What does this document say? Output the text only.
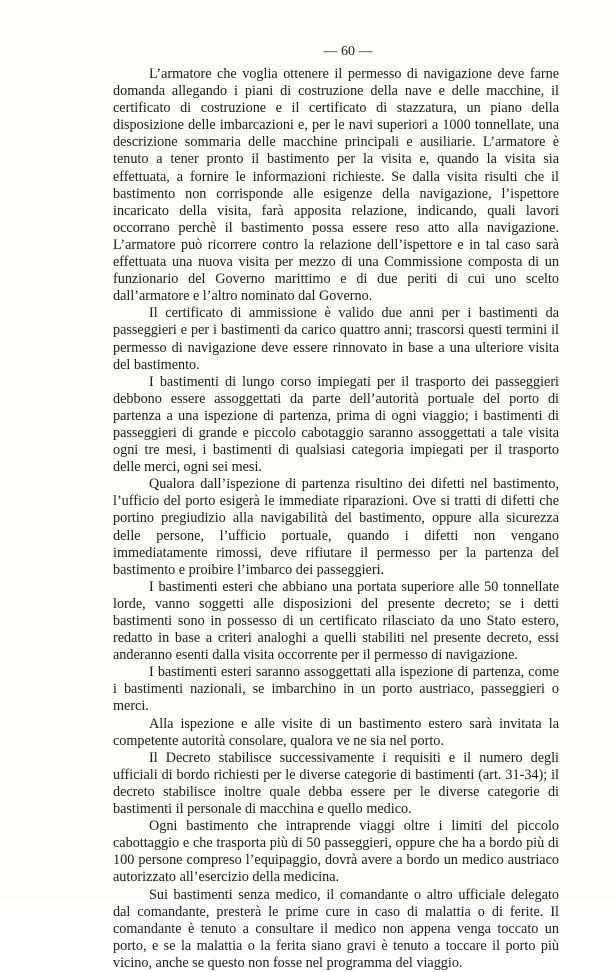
— 60 —

L’armatore che voglia ottenere il permesso di navigazione deve farne domanda allegando i piani di costruzione della nave e delle macchine, il certificato di costruzione e il certificato di stazzatura, un piano della disposizione delle imbarcazioni e, per le navi superiori a 1000 tonnellate, una descrizione sommaria delle macchine principali e ausiliarie. L’armatore è tenuto a tener pronto il bastimento per la visita e, quando la visita sia effettuata, a fornire le informazioni richieste. Se dalla visita risulti che il bastimento non corrisponde alle esigenze della navigazione, l’ispettore incaricato della visita, farà apposita relazione, indicando, quali lavori occorrano perchè il bastimento possa essere reso atto alla navigazione. L’armatore può ricorrere contro la relazione dell’ispettore e in tal caso sarà effettuata una nuova visita per mezzo di una Commissione composta di un funzionario del Governo marittimo e di due periti di cui uno scelto dall’armatore e l’altro nominato dal Governo.

Il certificato di ammissione è valido due anni per i bastimenti da passeggieri e per i bastimenti da carico quattro anni; trascorsi questi termini il permesso di navigazione deve essere rinnovato in base a una ulteriore visita del bastimento.

I bastimenti di lungo corso impiegati per il trasporto dei passeggieri debbono essere assoggettati da parte dell’autorità portuale del porto di partenza a una ispezione di partenza, prima di ogni viaggio; i bastimenti di passeggieri di grande e piccolo cabotaggio saranno assoggettati a tale visita ogni tre mesi, i bastimenti di qualsiasi categoria impiegati per il trasporto delle merci, ogni sei mesi.

Qualora dall’ispezione di partenza risultino dei difetti nel bastimento, l’ufficio del porto esigerà le immediate riparazioni. Ove si tratti di difetti che portino pregiudizio alla navigabilità del bastimento, oppure alla sicurezza delle persone, l’ufficio portuale, quando i difetti non vengano immediatamente rimossi, deve rifiutare il permesso per la partenza del bastimento e proibire l’imbarco dei passeggieri.

I bastimenti esteri che abbiano una portata superiore alle 50 tonnellate lorde, vanno soggetti alle disposizioni del presente decreto; se i detti bastimenti sono in possesso di un certificato rilasciato da uno Stato estero, redatto in base a criteri analoghi a quelli stabiliti nel presente decreto, essi anderanno esenti dalla visita occorrente per il permesso di navigazione.

I bastimenti esteri saranno assoggettati alla ispezione di partenza, come i bastimenti nazionali, se imbarchino in un porto austriaco, passeggieri o merci.

Alla ispezione e alle visite di un bastimento estero sarà invitata la competente autorità consolare, qualora ve ne sia nel porto.

Il Decreto stabilisce successivamente i requisiti e il numero degli ufficiali di bordo richiesti per le diverse categorie di bastimenti (art. 31-34); il decreto stabilisce inoltre quale debba essere per le diverse categorie di bastimenti il personale di macchina e quello medico.

Ogni bastimento che intraprende viaggi oltre i limiti del piccolo cabottaggio e che trasporta più di 50 passeggieri, oppure che ha a bordo più di 100 persone compreso l’equipaggio, dovrà avere a bordo un medico austriaco autorizzato all’esercizio della medicina.

Sui bastimenti senza medico, il comandante o altro ufficiale delegato dal comandante, presterà le prime cure in caso di malattia o di ferite. Il comandante è tenuto a consultare il medico non appena venga toccato un porto, e se la malattia o la ferita siano gravi è tenuto a toccare il porto più vicino, anche se questo non fosse nel programma del viaggio.
